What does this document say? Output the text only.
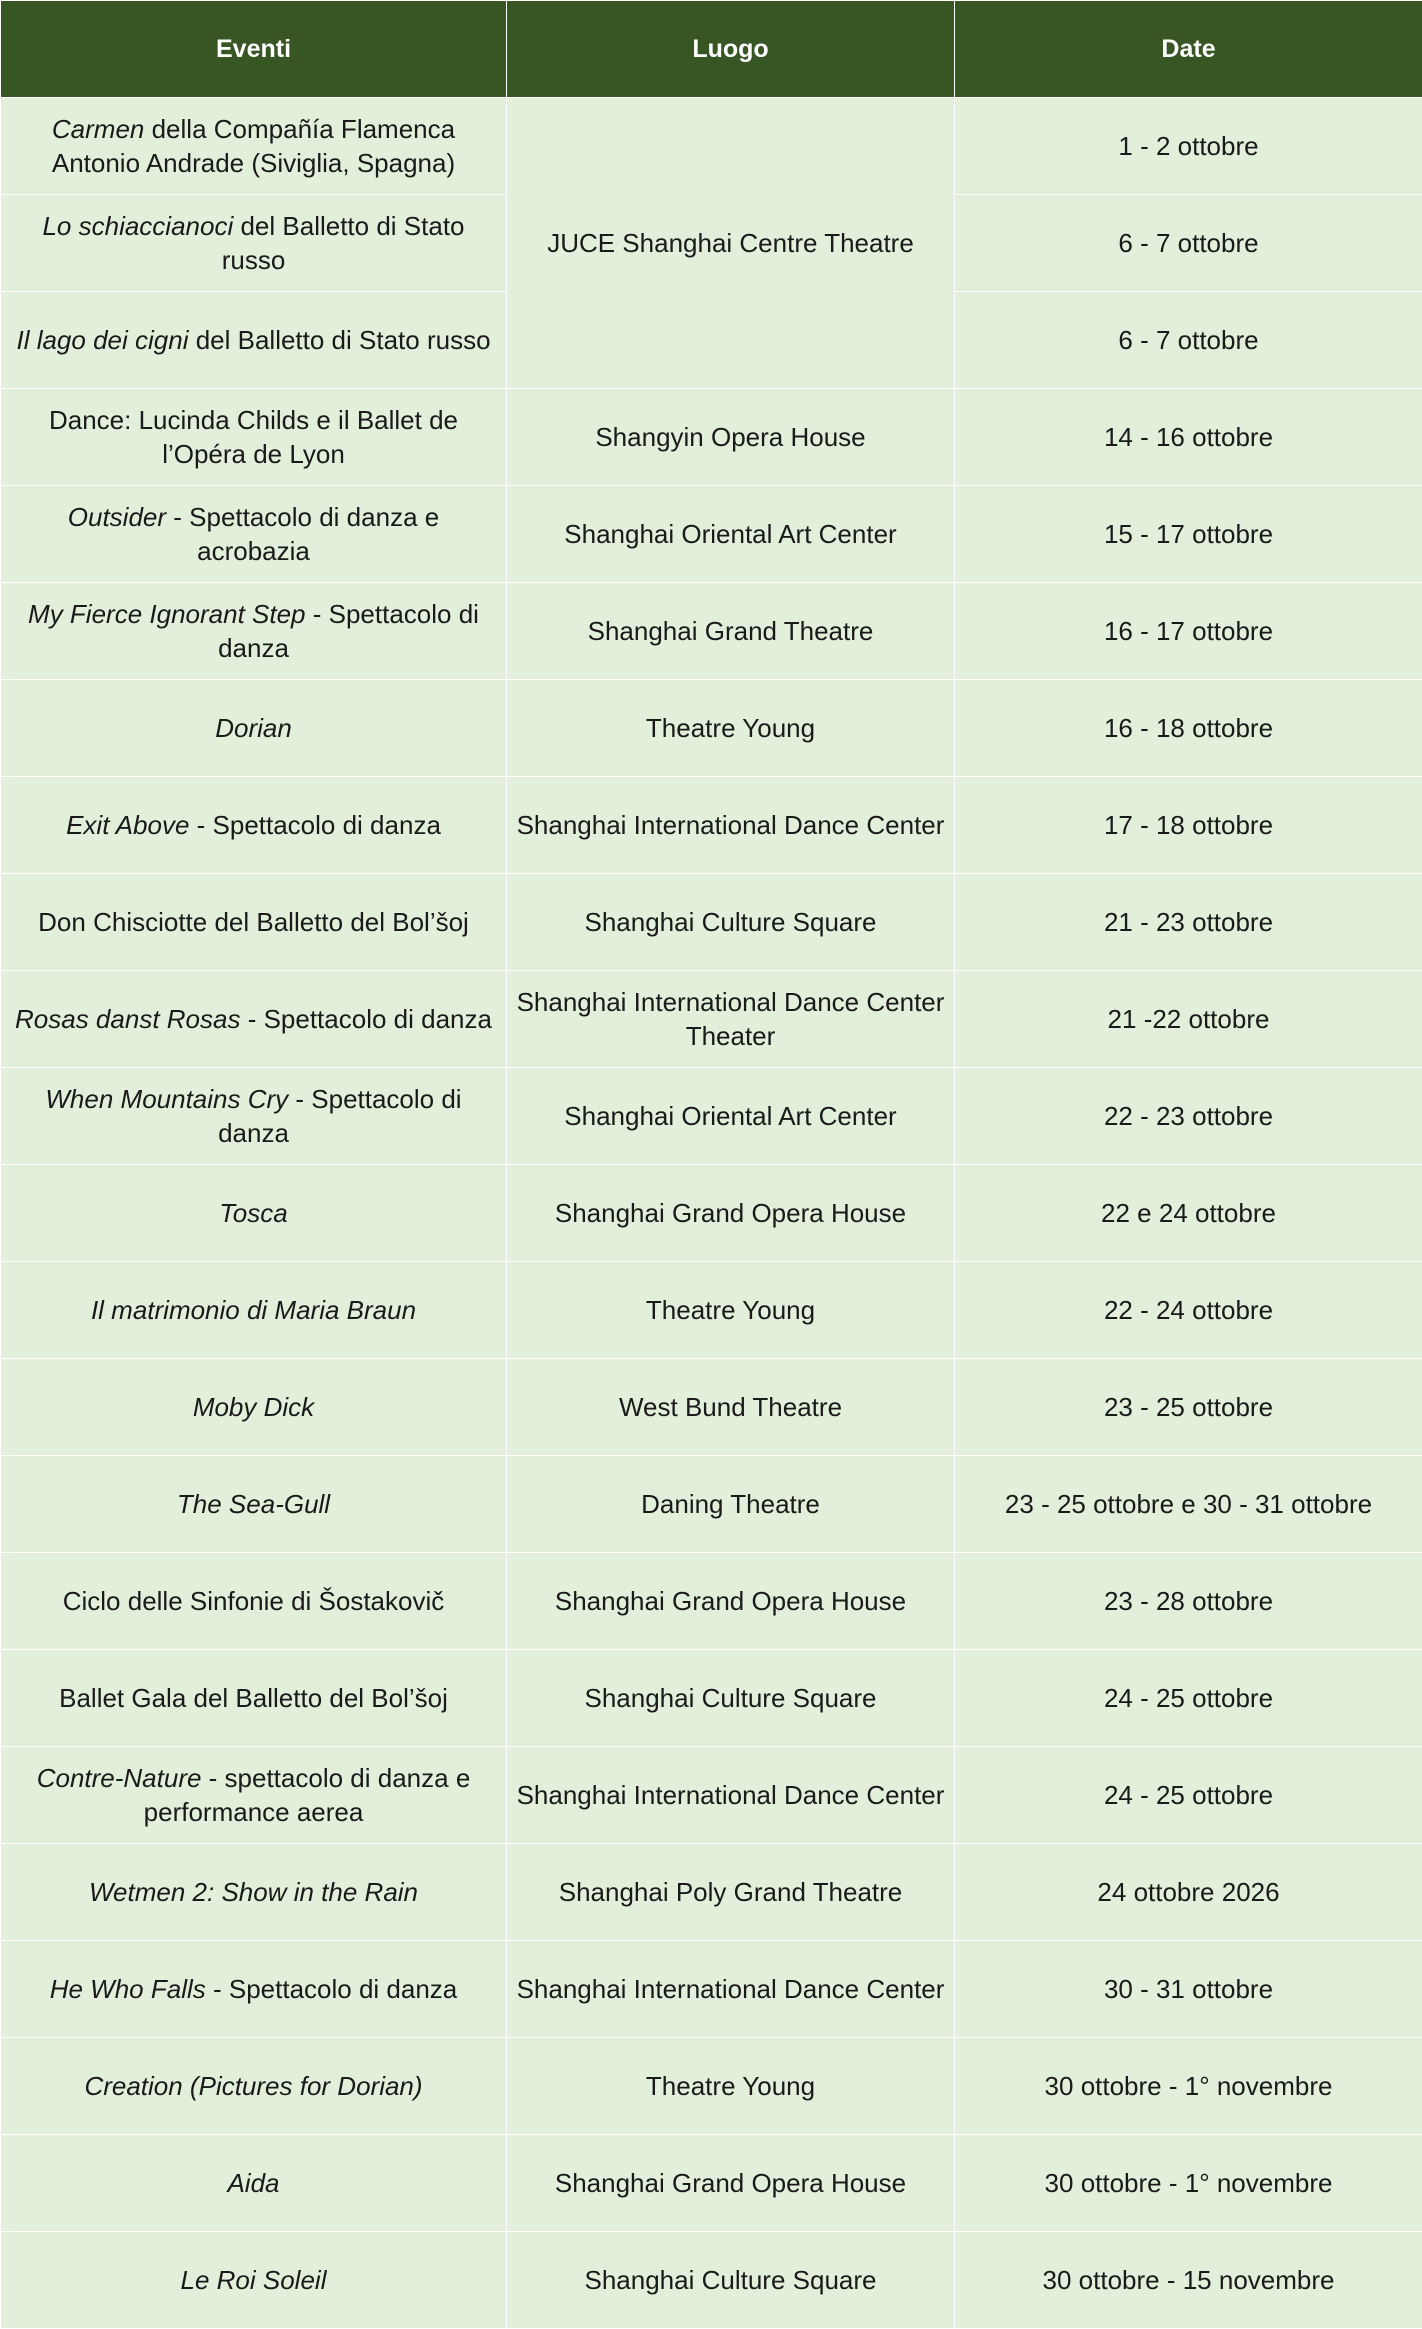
Eventi	Luogo	Date
Carmen della Compañía Flamenca Antonio Andrade (Siviglia, Spagna)	JUCE Shanghai Centre Theatre	1 - 2 ottobre
Lo schiaccianoci del Balletto di Stato russo		6 - 7 ottobre
Il lago dei cigni del Balletto di Stato russo		6 - 7 ottobre
Dance: Lucinda Childs e il Ballet de l’Opéra de Lyon	Shangyin Opera House	14 - 16 ottobre
Outsider - Spettacolo di danza e acrobazia	Shanghai Oriental Art Center	15 - 17 ottobre
My Fierce Ignorant Step - Spettacolo di danza	Shanghai Grand Theatre	16 - 17 ottobre
Dorian	Theatre Young	16 - 18 ottobre
Exit Above - Spettacolo di danza	Shanghai International Dance Center	17 - 18 ottobre
Don Chisciotte del Balletto del Bol’šoj	Shanghai Culture Square	21 - 23 ottobre
Rosas danst Rosas - Spettacolo di danza	Shanghai International Dance Center Theater	21 -22 ottobre
When Mountains Cry - Spettacolo di danza	Shanghai Oriental Art Center	22 - 23 ottobre
Tosca	Shanghai Grand Opera House	22 e 24 ottobre
Il matrimonio di Maria Braun	Theatre Young	22 - 24 ottobre
Moby Dick	West Bund Theatre	23 - 25 ottobre
The Sea-Gull	Daning Theatre	23 - 25 ottobre e 30 - 31 ottobre
Ciclo delle Sinfonie di Šostakovič	Shanghai Grand Opera House	23 - 28 ottobre
Ballet Gala del Balletto del Bol’šoj	Shanghai Culture Square	24 - 25 ottobre
Contre-Nature - spettacolo di danza e performance aerea	Shanghai International Dance Center	24 - 25 ottobre
Wetmen 2: Show in the Rain	Shanghai Poly Grand Theatre	24 ottobre 2026
He Who Falls - Spettacolo di danza	Shanghai International Dance Center	30 - 31 ottobre
Creation (Pictures for Dorian)	Theatre Young	30 ottobre - 1° novembre
Aida	Shanghai Grand Opera House	30 ottobre - 1° novembre
Le Roi Soleil	Shanghai Culture Square	30 ottobre - 15 novembre
